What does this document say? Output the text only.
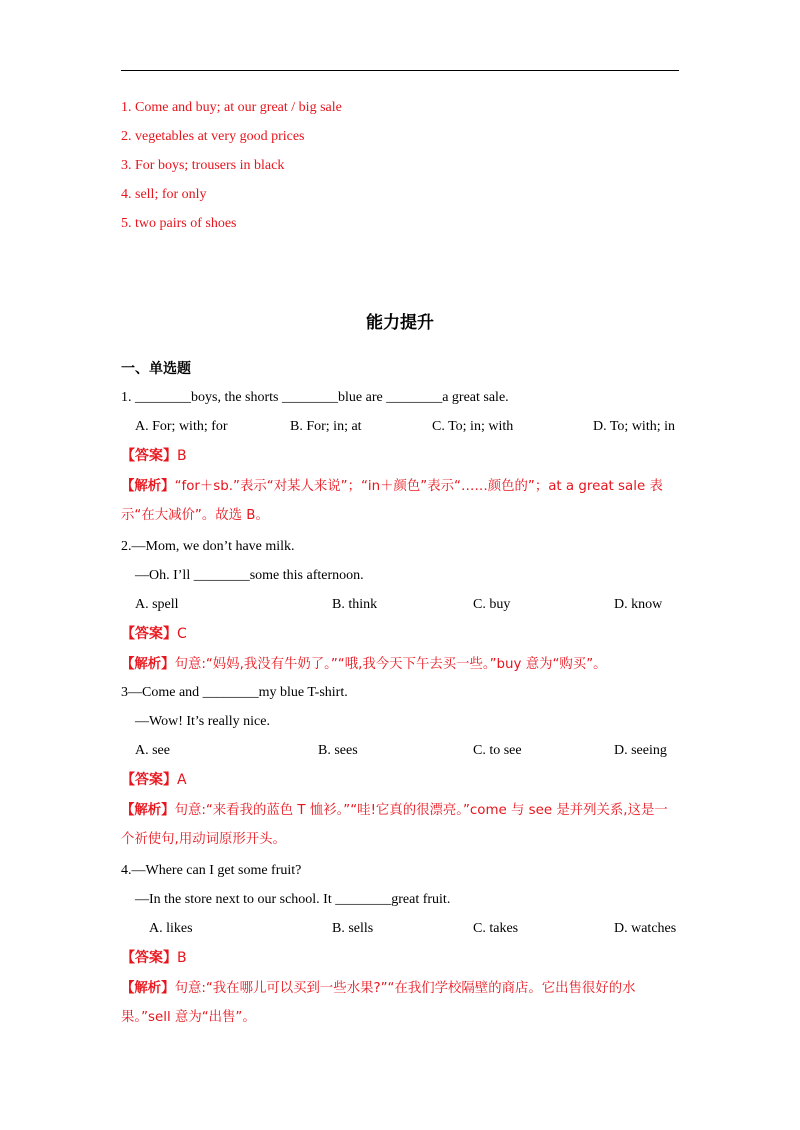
1. Come and buy; at our great / big sale
2. vegetables at very good prices
3. For boys; trousers in black
4. sell; for only
5. two pairs of shoes
能力提升
一、单选题
1. ________boys, the shorts ________blue are ________a great sale.
A. For; with; for	B. For; in; at	C. To; in; with	D. To; with; in
【答案】B
【解析】“for＋sb.”表示“对某人来说”；“in＋颜色”表示“……颜色的”；at a great sale 表示“在大减价”。故选 B。
2.—Mom, we don’t have milk.
—Oh. I’ll ________some this afternoon.
A. spell	B. think	C. buy	D. know
【答案】C
【解析】句意:“妈妈,我没有牛奶了。”“哦,我今天下午去买一些。”buy 意为“购买”。
3—Come and ________my blue T-shirt.
—Wow! It’s really nice.
A. see	B. sees	C. to see	D. seeing
【答案】A
【解析】句意:“来看我的蓝色 T 恤衫。”“哇!它真的很漂亮。”come 与 see 是并列关系,这是一个祈使句,用动词原形开头。
4.—Where can I get some fruit?
—In the store next to our school. It ________great fruit.
A. likes	B. sells	C. takes	D. watches
【答案】B
【解析】句意:“我在哪儿可以买到一些水果?”“在我们学校隔壁的商店。它出售很好的水果。”sell 意为“出售”。
